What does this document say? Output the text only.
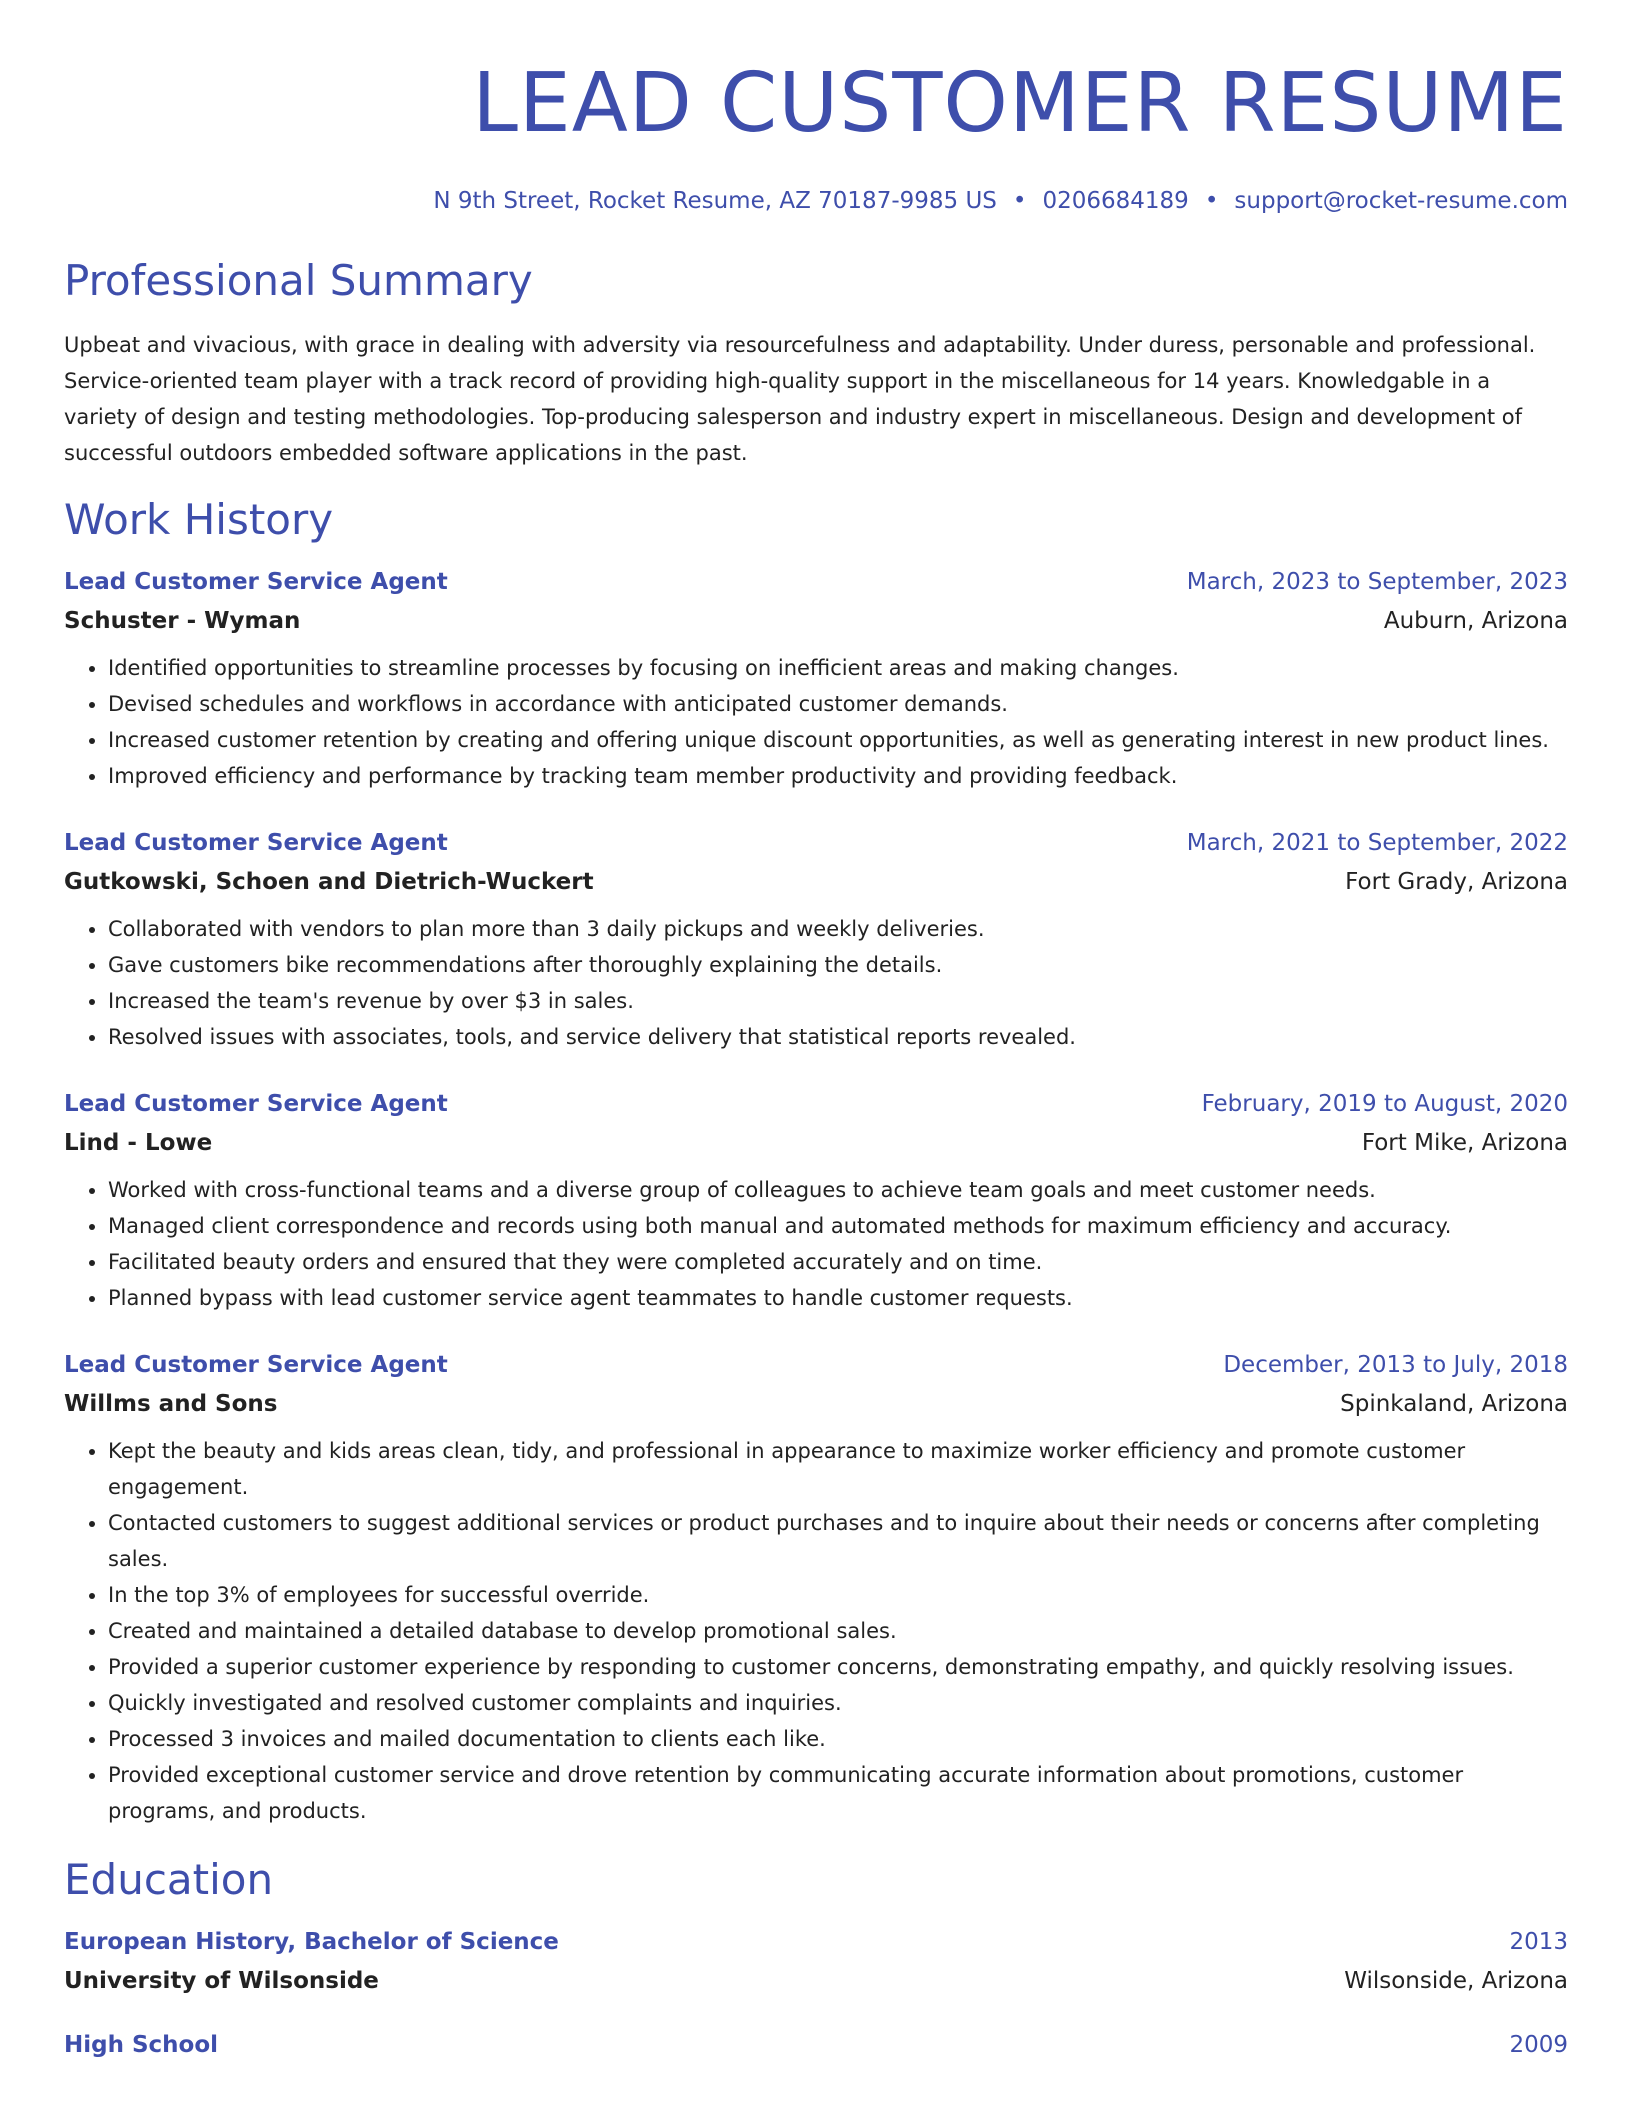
LEAD CUSTOMER RESUME
N 9th Street, Rocket Resume, AZ 70187-9985 US • 0206684189 • support@rocket-resume.com
Professional Summary
Upbeat and vivacious, with grace in dealing with adversity via resourcefulness and adaptability. Under duress, personable and professional. Service-oriented team player with a track record of providing high-quality support in the miscellaneous for 14 years. Knowledgable in a variety of design and testing methodologies. Top-producing salesperson and industry expert in miscellaneous. Design and development of successful outdoors embedded software applications in the past.
Work History
Lead Customer Service Agent	March, 2023 to September, 2023
Schuster - Wyman	Auburn, Arizona
• Identified opportunities to streamline processes by focusing on inefficient areas and making changes.
• Devised schedules and workflows in accordance with anticipated customer demands.
• Increased customer retention by creating and offering unique discount opportunities, as well as generating interest in new product lines.
• Improved efficiency and performance by tracking team member productivity and providing feedback.
Lead Customer Service Agent	March, 2021 to September, 2022
Gutkowski, Schoen and Dietrich-Wuckert	Fort Grady, Arizona
• Collaborated with vendors to plan more than 3 daily pickups and weekly deliveries.
• Gave customers bike recommendations after thoroughly explaining the details.
• Increased the team's revenue by over $3 in sales.
• Resolved issues with associates, tools, and service delivery that statistical reports revealed.
Lead Customer Service Agent	February, 2019 to August, 2020
Lind - Lowe	Fort Mike, Arizona
• Worked with cross-functional teams and a diverse group of colleagues to achieve team goals and meet customer needs.
• Managed client correspondence and records using both manual and automated methods for maximum efficiency and accuracy.
• Facilitated beauty orders and ensured that they were completed accurately and on time.
• Planned bypass with lead customer service agent teammates to handle customer requests.
Lead Customer Service Agent	December, 2013 to July, 2018
Willms and Sons	Spinkaland, Arizona
• Kept the beauty and kids areas clean, tidy, and professional in appearance to maximize worker efficiency and promote customer engagement.
• Contacted customers to suggest additional services or product purchases and to inquire about their needs or concerns after completing sales.
• In the top 3% of employees for successful override.
• Created and maintained a detailed database to develop promotional sales.
• Provided a superior customer experience by responding to customer concerns, demonstrating empathy, and quickly resolving issues.
• Quickly investigated and resolved customer complaints and inquiries.
• Processed 3 invoices and mailed documentation to clients each like.
• Provided exceptional customer service and drove retention by communicating accurate information about promotions, customer programs, and products.
Education
European History, Bachelor of Science	2013
University of Wilsonside	Wilsonside, Arizona
High School	2009
